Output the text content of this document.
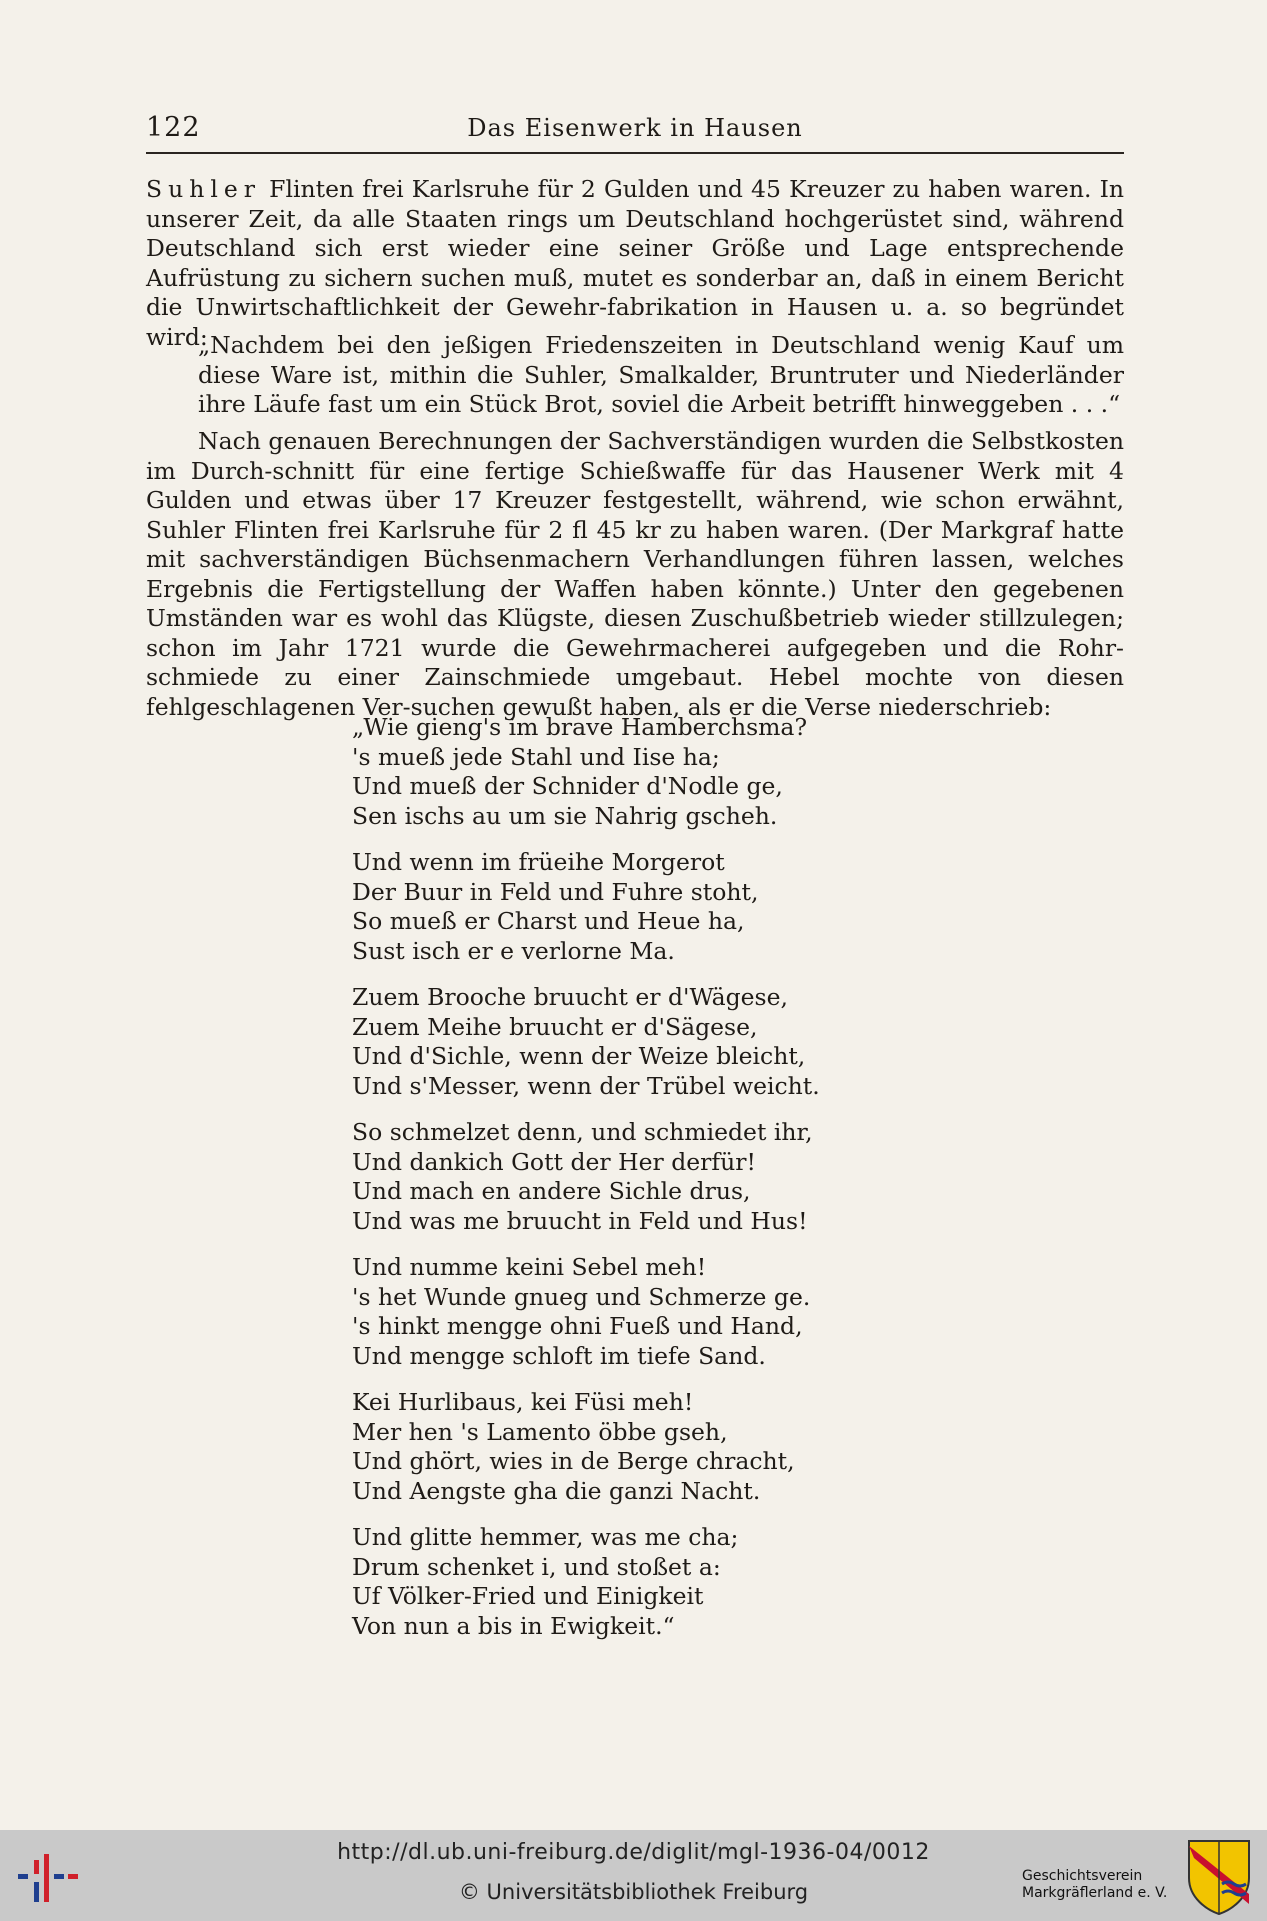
122	Das Eisenwerk in Hausen
Suhler Flinten frei Karlsruhe für 2 Gulden und 45 Kreuzer zu haben waren. In unserer Zeit, da alle Staaten rings um Deutschland hochgerüstet sind, während Deutschland sich erst wieder eine seiner Größe und Lage entsprechende Aufrüstung zu sichern suchen muß, mutet es sonderbar an, daß in einem Bericht die Unwirtschaftlichkeit der Gewehr-fabrikation in Hausen u. a. so begründet wird:
„Nachdem bei den jeßigen Friedenszeiten in Deutschland wenig Kauf um diese Ware ist, mithin die Suhler, Smalkalder, Bruntruter und Niederländer ihre Läufe fast um ein Stück Brot, soviel die Arbeit betrifft hinweggeben . . .“
Nach genauen Berechnungen der Sachverständigen wurden die Selbstkosten im Durch-schnitt für eine fertige Schießwaffe für das Hausener Werk mit 4 Gulden und etwas über 17 Kreuzer festgestellt, während, wie schon erwähnt, Suhler Flinten frei Karlsruhe für 2 fl 45 kr zu haben waren. (Der Markgraf hatte mit sachverständigen Büchsenmachern Verhandlungen führen lassen, welches Ergebnis die Fertigstellung der Waffen haben könnte.) Unter den gegebenen Umständen war es wohl das Klügste, diesen Zuschußbetrieb wieder stillzulegen; schon im Jahr 1721 wurde die Gewehrmacherei aufgegeben und die Rohr-schmiede zu einer Zainschmiede umgebaut. Hebel mochte von diesen fehlgeschlagenen Ver-suchen gewußt haben, als er die Verse niederschrieb:
„Wie gieng's im brave Hamberchsma?
's mueß jede Stahl und Iise ha;
Und mueß der Schnider d'Nodle ge,
Sen ischs au um sie Nahrig gscheh.
Und wenn im früeihe Morgerot
Der Buur in Feld und Fuhre stoht,
So mueß er Charst und Heue ha,
Sust isch er e verlorne Ma.
Zuem Brooche bruucht er d'Wägese,
Zuem Meihe bruucht er d'Sägese,
Und d'Sichle, wenn der Weize bleicht,
Und s'Messer, wenn der Trübel weicht.
So schmelzet denn, und schmiedet ihr,
Und dankich Gott der Her derfür!
Und mach en andere Sichle drus,
Und was me bruucht in Feld und Hus!
Und numme keini Sebel meh!
's het Wunde gnueg und Schmerze ge.
's hinkt mengge ohni Fueß und Hand,
Und mengge schloft im tiefe Sand.
Kei Hurlibaus, kei Füsi meh!
Mer hen 's Lamento öbbe gseh,
Und ghört, wies in de Berge chracht,
Und Aengste gha die ganzi Nacht.
Und glitte hemmer, was me cha;
Drum schenket i, und stoßet a:
Uf Völker-Fried und Einigkeit
Von nun a bis in Ewigkeit.“
http://dl.ub.uni-freiburg.de/diglit/mgl-1936-04/0012
© Universitätsbibliothek Freiburg
Geschichtsverein
Markgräflerland e. V.
